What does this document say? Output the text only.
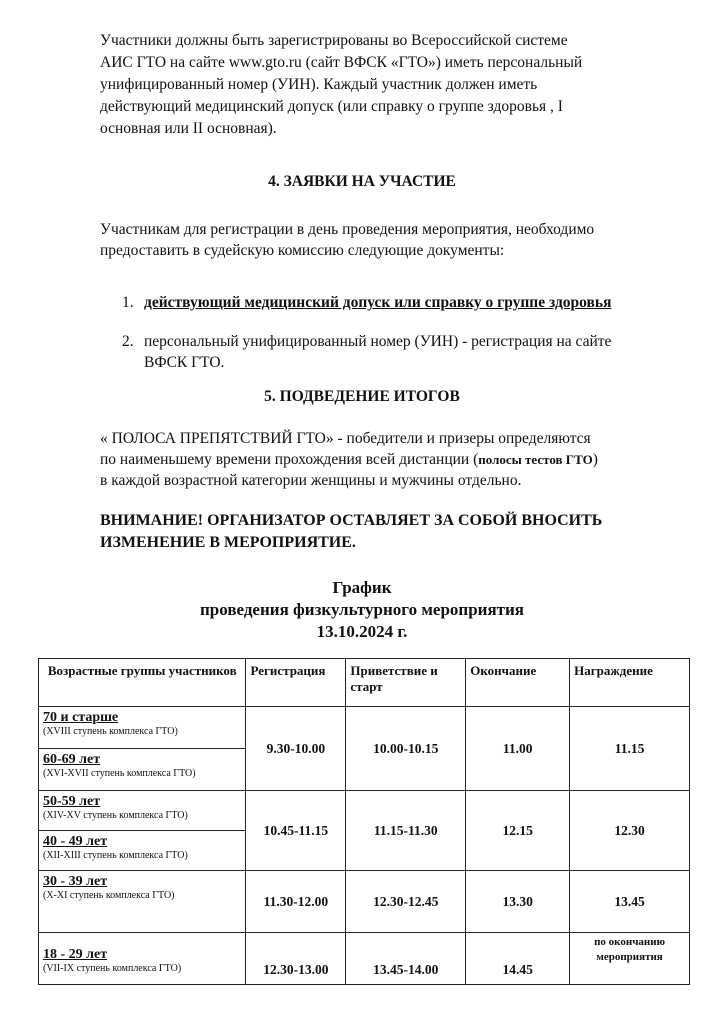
Участники должны быть зарегистрированы во Всероссийской системе
АИС ГТО на сайте www.gto.ru (сайт ВФСК «ГТО») иметь персональный
унифицированный номер (УИН). Каждый участник должен иметь
действующий медицинский допуск (или справку о группе здоровья , I
основная или II основная).
4. ЗАЯВКИ НА УЧАСТИЕ
Участникам для регистрации в день проведения мероприятия, необходимо
предоставить в судейскую комиссию следующие документы:
1. действующий медицинский допуск или справку о группе здоровья
2. персональный унифицированный номер (УИН) - регистрация на сайте
ВФСК ГТО.
5. ПОДВЕДЕНИЕ ИТОГОВ
« ПОЛОСА ПРЕПЯТСТВИЙ ГТО» - победители и призеры определяются
по наименьшему времени прохождения всей дистанции (полосы тестов ГТО)
в каждой возрастной категории женщины и мужчины отдельно.
ВНИМАНИЕ! ОРГАНИЗАТОР ОСТАВЛЯЕТ ЗА СОБОЙ ВНОСИТЬ
ИЗМЕНЕНИЕ В МЕРОПРИЯТИЕ.
График
проведения физкультурного мероприятия
13.10.2024 г.
Возрастные группы участников	Регистрация	Приветствие и старт	Окончание	Награждение

70 и старше
(XVIII ступень комплекса ГТО)	9.30-10.00	10.00-10.15	11.00	11.15

60-69 лет
(XVI-XVII ступень комплекса ГТО)				

50-59 лет
(XIV-XV ступень комплекса ГТО)	10.45-11.15	11.15-11.30	12.15	12.30

40 - 49 лет
(XII-XIII ступень комплекса ГТО)				

30 - 39 лет
(X-XI ступень комплекса ГТО)	11.30-12.00	12.30-12.45	13.30	13.45

18 - 29 лет
(VII-IX ступень комплекса ГТО)	12.30-13.00	13.45-14.00	14.45	по окончанию мероприятия
